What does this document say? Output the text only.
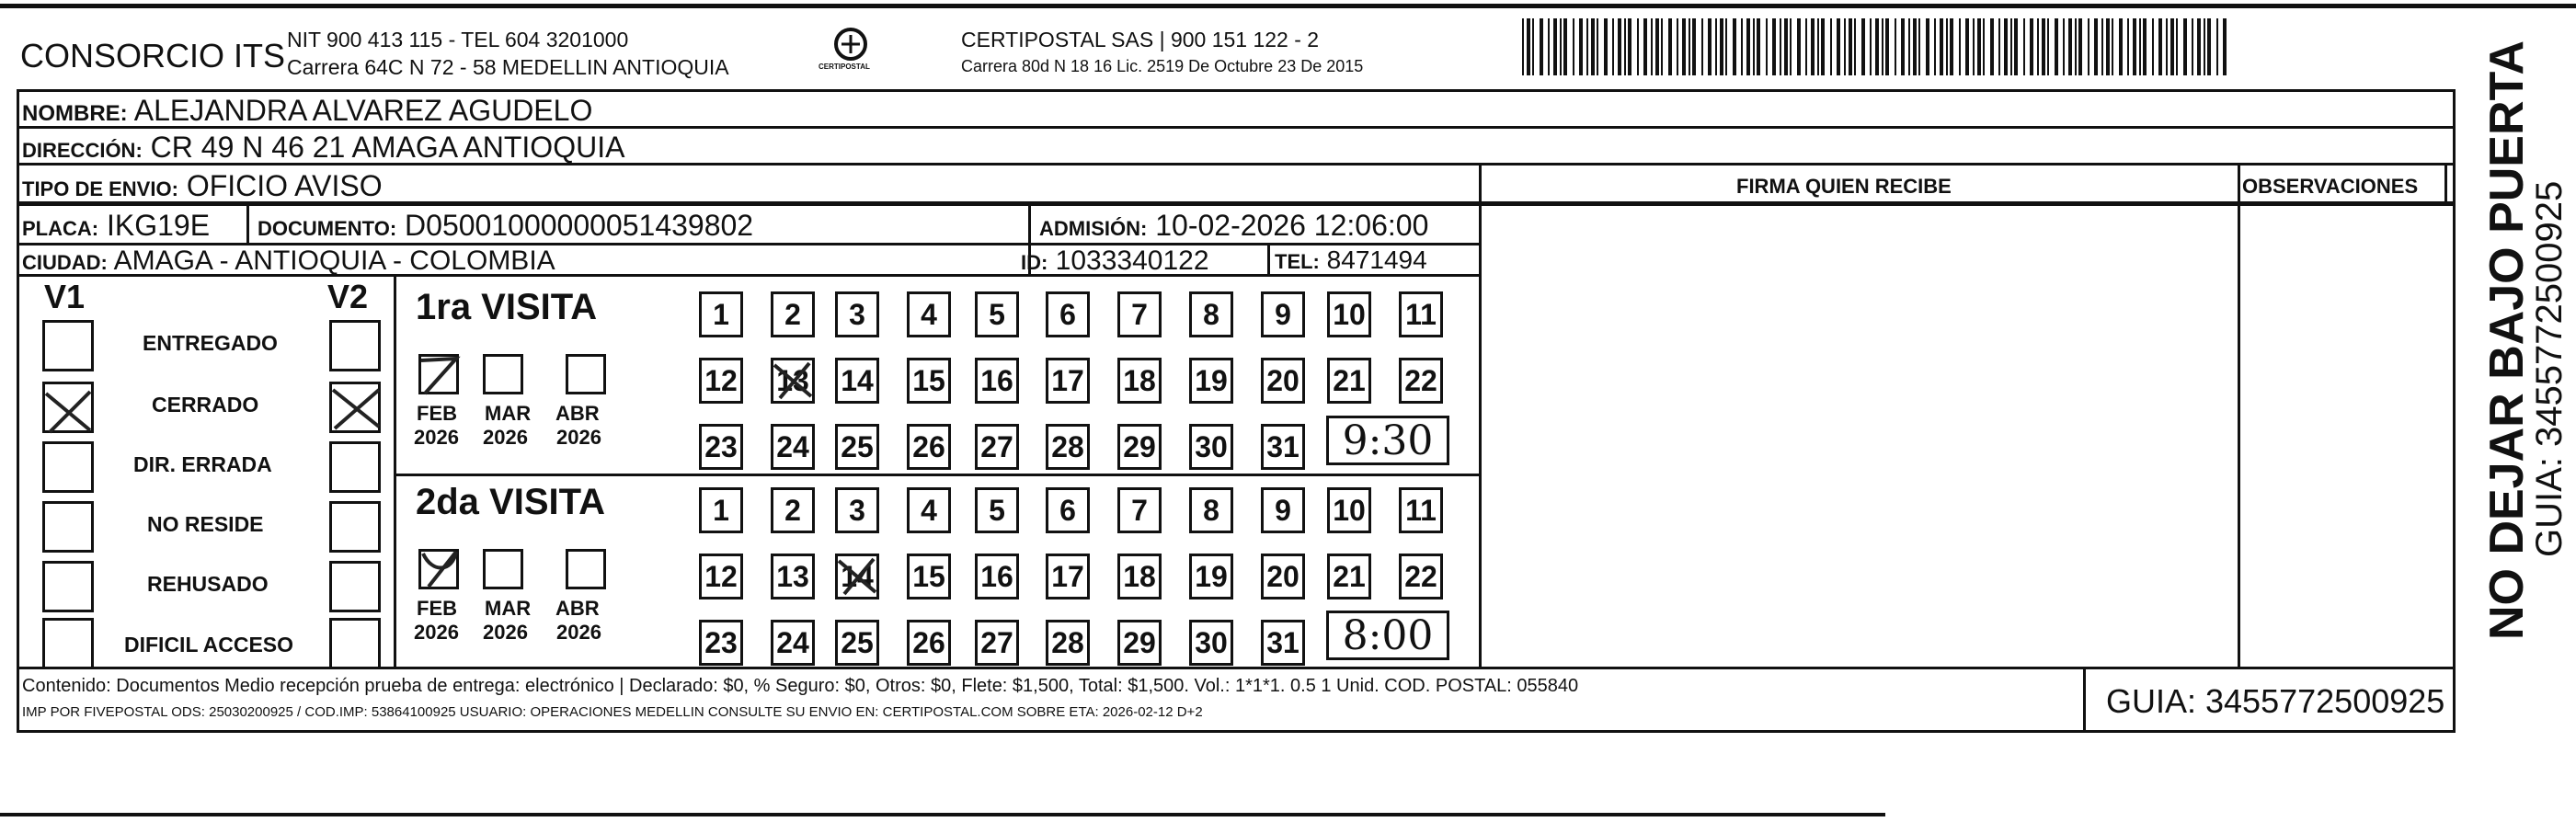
CONSORCIO ITS NIT 900 413 115 - TEL 604 3201000
Carrera 64C N 72 - 58 MEDELLIN ANTIOQUIA	CERTIPOSTAL
CERTIPOSTAL SAS | 900 151 122 - 2
Carrera 80d N 18 16 Lic. 2519 De Octubre 23 De 2015
NOMBRE: ALEJANDRA ALVAREZ AGUDELO
DIRECCIÓN: CR 49 N 46 21 AMAGA ANTIOQUIA
TIPO DE ENVIO: OFICIO AVISO	FIRMA QUIEN RECIBE	OBSERVACIONES
PLACA: IKG19E DOCUMENTO: D05001000000051439802	ADMISIÓN: 10-02-2026 12:06:00
CIUDAD: AMAGA - ANTIOQUIA - COLOMBIA	ID: 1033340122	TEL: 8471494
V1	V2
ENTREGADO
CERRADO
DIR. ERRADA
NO RESIDE
REHUSADO
DIFICIL ACCESO
1ra VISITA
2da VISITA
FEB MAR ABR
2026 2026 2026
FEB MAR ABR
2026 2026 2026
1	2	3	4	5	6	7	8	9	10 11
12 13 14 15 16 17 18 19 20 21 22
23 24 25 26 27 28 29 30 31
1	2	3	4	5	6	7	8	9	10 11
12 13 14 15 16 17 18 19 20 21 22
23 24 25 26 27 28 29 30 31
9:30
8:00
Contenido: Documentos Medio recepción prueba de entrega: electrónico | Declarado: $0, % Seguro: $0, Otros: $0, Flete: $1,500, Total: $1,500. Vol.: 1*1*1. 0.5 1 Unid. COD. POSTAL: 055840
IMP POR FIVEPOSTAL ODS: 25030200925 / COD.IMP: 53864100925 USUARIO: OPERACIONES MEDELLIN CONSULTE SU ENVIO EN: CERTIPOSTAL.COM SOBRE ETA: 2026-02-12 D+2	GUIA: 3455772500925
NO DEJAR BAJO PUERTA
GUIA: 3455772500925
